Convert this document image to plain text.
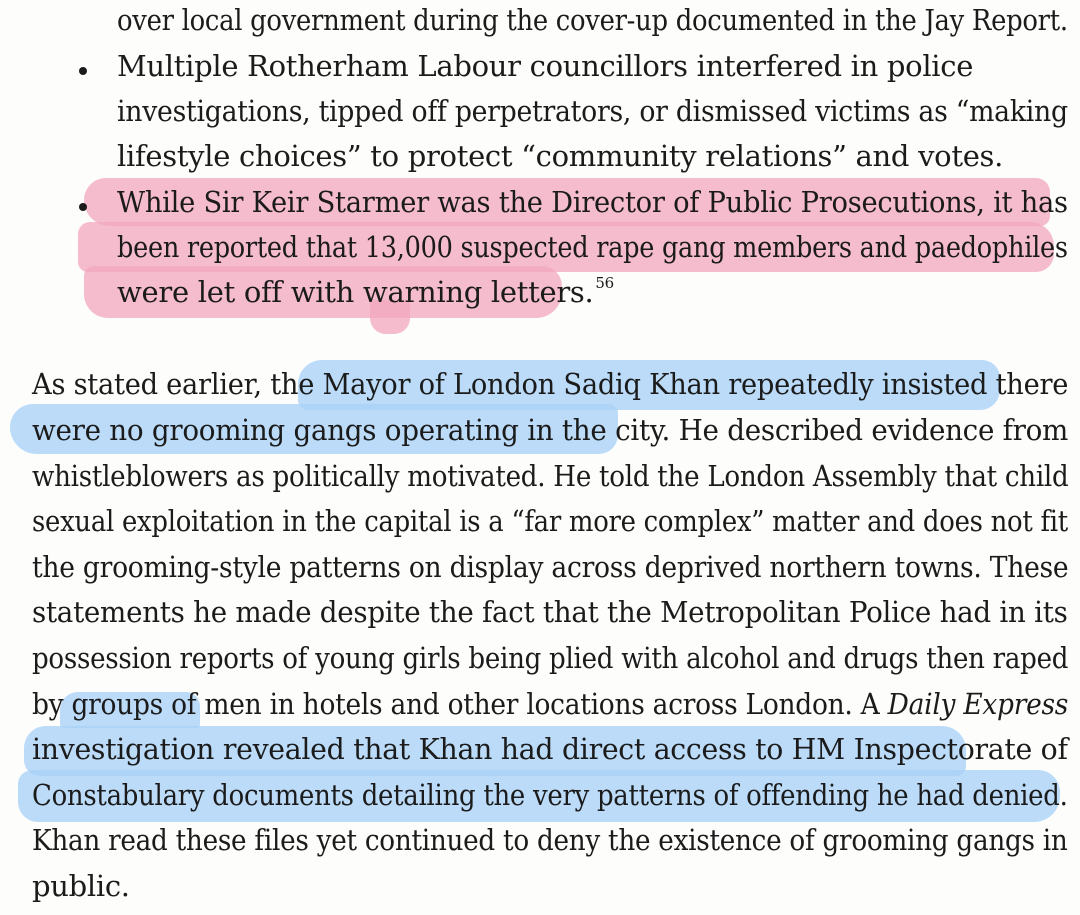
over local government during the cover-up documented in the Jay Report.
Multiple Rotherham Labour councillors interfered in police
investigations, tipped off perpetrators, or dismissed victims as “making
lifestyle choices” to protect “community relations” and votes.
While Sir Keir Starmer was the Director of Public Prosecutions, it has
been reported that 13,000 suspected rape gang members and paedophiles
were let off with warning letters. $^{56}$
As stated earlier, the Mayor of London Sadiq Khan repeatedly insisted there
were no grooming gangs operating in the city. He described evidence from
whistleblowers as politically motivated. He told the London Assembly that child
sexual exploitation in the capital is a “far more complex” matter and does not fit
the grooming-style patterns on display across deprived northern towns. These
statements he made despite the fact that the Metropolitan Police had in its
possession reports of young girls being plied with alcohol and drugs then raped
by groups of men in hotels and other locations across London. A Daily Express
investigation revealed that Khan had direct access to HM Inspectorate of
Constabulary documents detailing the very patterns of offending he had denied.
Khan read these files yet continued to deny the existence of grooming gangs in
public.
